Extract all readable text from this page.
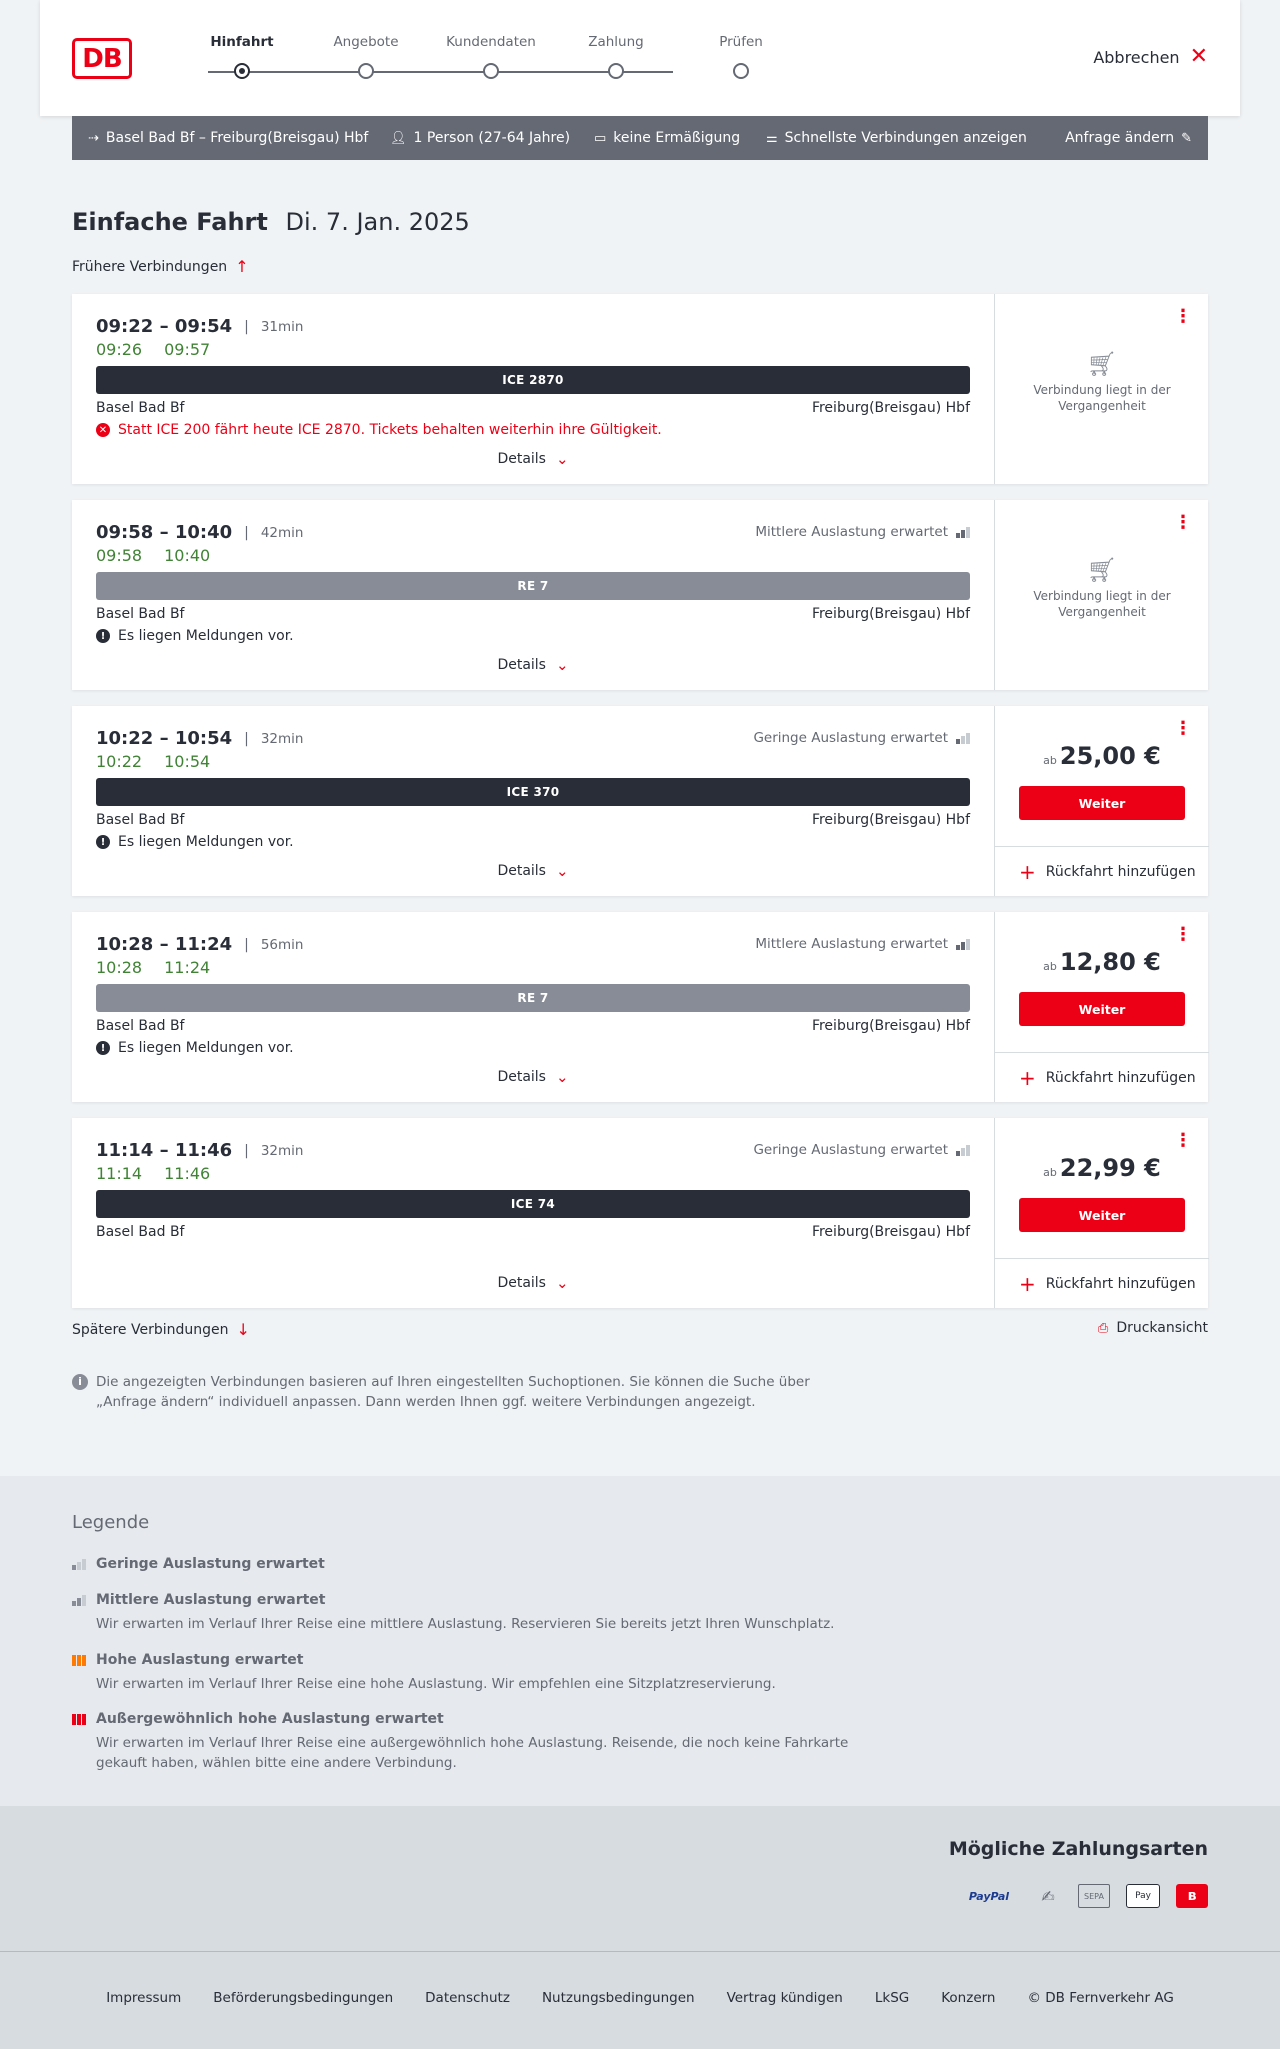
DB
Hinfahrt	Angebote	Kundendaten	Zahlung	Prüfen
Abbrechen ✕
⇢ Basel Bad Bf – Freiburg(Breisgau) Hbf 👤︎ 1 Person (27-64 Jahre) ▭ keine Ermäßigung ⚌ Schnellste Verbindungen anzeigen	Anfrage ändern ✎
Einfache Fahrt Di. 7. Jan. 2025
Frühere Verbindungen ↑
09:22 – 09:54 | 31min
09:26 09:57
ICE 2870
Basel Bad Bf	Freiburg(Breisgau) Hbf
✕ Statt ICE 200 fährt heute ICE 2870. Tickets behalten weiterhin ihre Gültigkeit.
Details ⌄
⋮
🛒︎
Verbindung liegt in der Vergangenheit
09:58 – 10:40 | 42min
09:58 10:40
Mittlere Auslastung erwartet
RE 7
Basel Bad Bf	Freiburg(Breisgau) Hbf
! Es liegen Meldungen vor.
Details ⌄
⋮
🛒︎
Verbindung liegt in der Vergangenheit
10:22 – 10:54 | 32min
10:22 10:54
Geringe Auslastung erwartet
ICE 370
Basel Bad Bf	Freiburg(Breisgau) Hbf
! Es liegen Meldungen vor.
Details ⌄
⋮
ab 25,00 €
Weiter
+ Rückfahrt hinzufügen
10:28 – 11:24 | 56min
10:28 11:24
Mittlere Auslastung erwartet
RE 7
Basel Bad Bf	Freiburg(Breisgau) Hbf
! Es liegen Meldungen vor.
Details ⌄
⋮
ab 12,80 €
Weiter
+ Rückfahrt hinzufügen
11:14 – 11:46 | 32min
11:14 11:46
Geringe Auslastung erwartet
ICE 74
Basel Bad Bf	Freiburg(Breisgau) Hbf
Details ⌄
⋮
ab 22,99 €
Weiter
+ Rückfahrt hinzufügen
Spätere Verbindungen ↓	⎙ Druckansicht
i	Die angezeigten Verbindungen basieren auf Ihren eingestellten Suchoptionen. Sie können die Suche über „Anfrage ändern“ individuell anpassen. Dann werden Ihnen ggf. weitere Verbindungen angezeigt.
Legende
Geringe Auslastung erwartet
Mittlere Auslastung erwartet
Wir erwarten im Verlauf Ihrer Reise eine mittlere Auslastung. Reservieren Sie bereits jetzt Ihren Wunschplatz.
Hohe Auslastung erwartet
Wir erwarten im Verlauf Ihrer Reise eine hohe Auslastung. Wir empfehlen eine Sitzplatzreservierung.
Außergewöhnlich hohe Auslastung erwartet
Wir erwarten im Verlauf Ihrer Reise eine außergewöhnlich hohe Auslastung. Reisende, die noch keine Fahrkarte gekauft haben, wählen bitte eine andere Verbindung.
Mögliche Zahlungsarten
PayPal	✍	SEPA	Pay	ʙ
Impressum Beförderungsbedingungen Datenschutz Nutzungsbedingungen Vertrag kündigen LkSG Konzern © DB Fernverkehr AG
